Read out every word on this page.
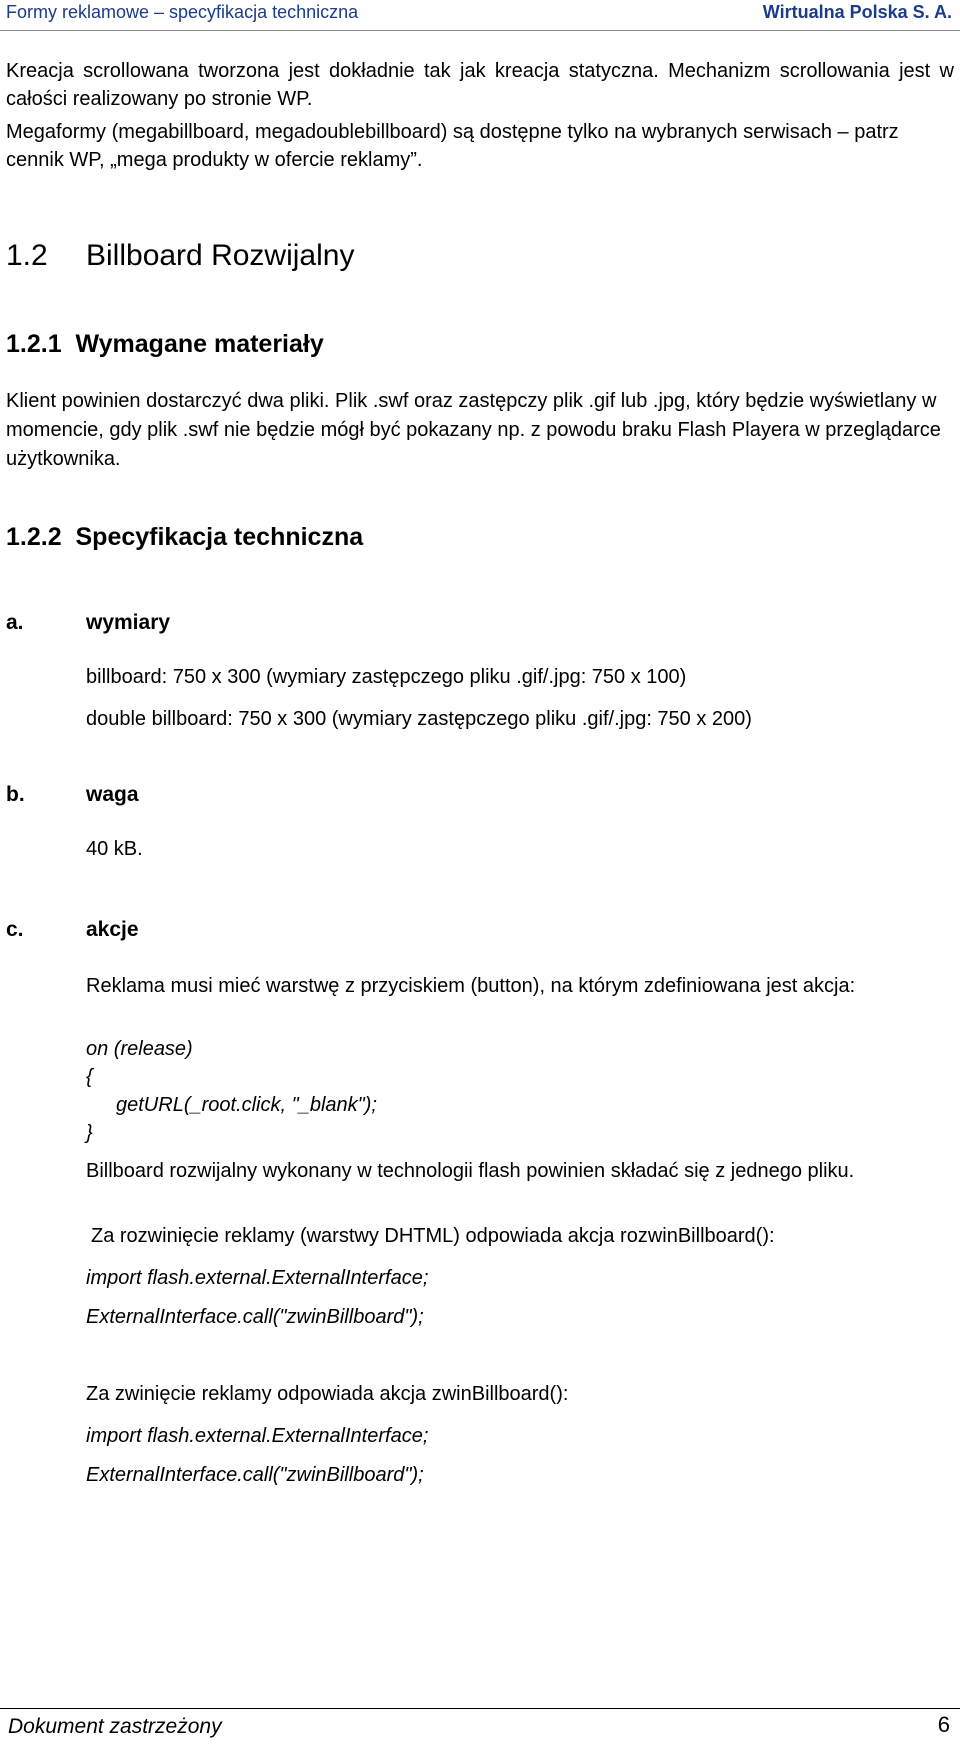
Formy reklamowe – specyfikacja techniczna	Wirtualna Polska S. A.
Kreacja scrollowana tworzona jest dokładnie tak jak kreacja statyczna. Mechanizm scrollowania jest w całości realizowany po stronie WP.
Megaformy (megabillboard, megadoublebillboard) są dostępne tylko na wybranych serwisach – patrz cennik WP, „mega produkty w ofercie reklamy”.
1.2 Billboard Rozwijalny
1.2.1  Wymagane materiały
Klient powinien dostarczyć dwa pliki. Plik .swf oraz zastępczy plik .gif lub .jpg, który będzie wyświetlany w momencie, gdy plik .swf nie będzie mógł być pokazany np. z powodu braku Flash Playera w przeglądarce użytkownika.
1.2.2  Specyfikacja techniczna
a.	wymiary
billboard: 750 x 300 (wymiary zastępczego pliku .gif/.jpg: 750 x 100)
double billboard: 750 x 300 (wymiary zastępczego pliku .gif/.jpg: 750 x 200)
b.	waga
40 kB.
c.	akcje
Reklama musi mieć warstwę z przyciskiem (button), na którym zdefiniowana jest akcja:
on (release)
{
getURL(_root.click, "_blank");
}
Billboard rozwijalny wykonany w technologii flash powinien składać się z jednego pliku.
Za rozwinięcie reklamy (warstwy DHTML) odpowiada akcja rozwinBillboard():
import flash.external.ExternalInterface;
ExternalInterface.call("zwinBillboard");
Za zwinięcie reklamy odpowiada akcja zwinBillboard():
import flash.external.ExternalInterface;
ExternalInterface.call("zwinBillboard");
Dokument zastrzeżony	6
